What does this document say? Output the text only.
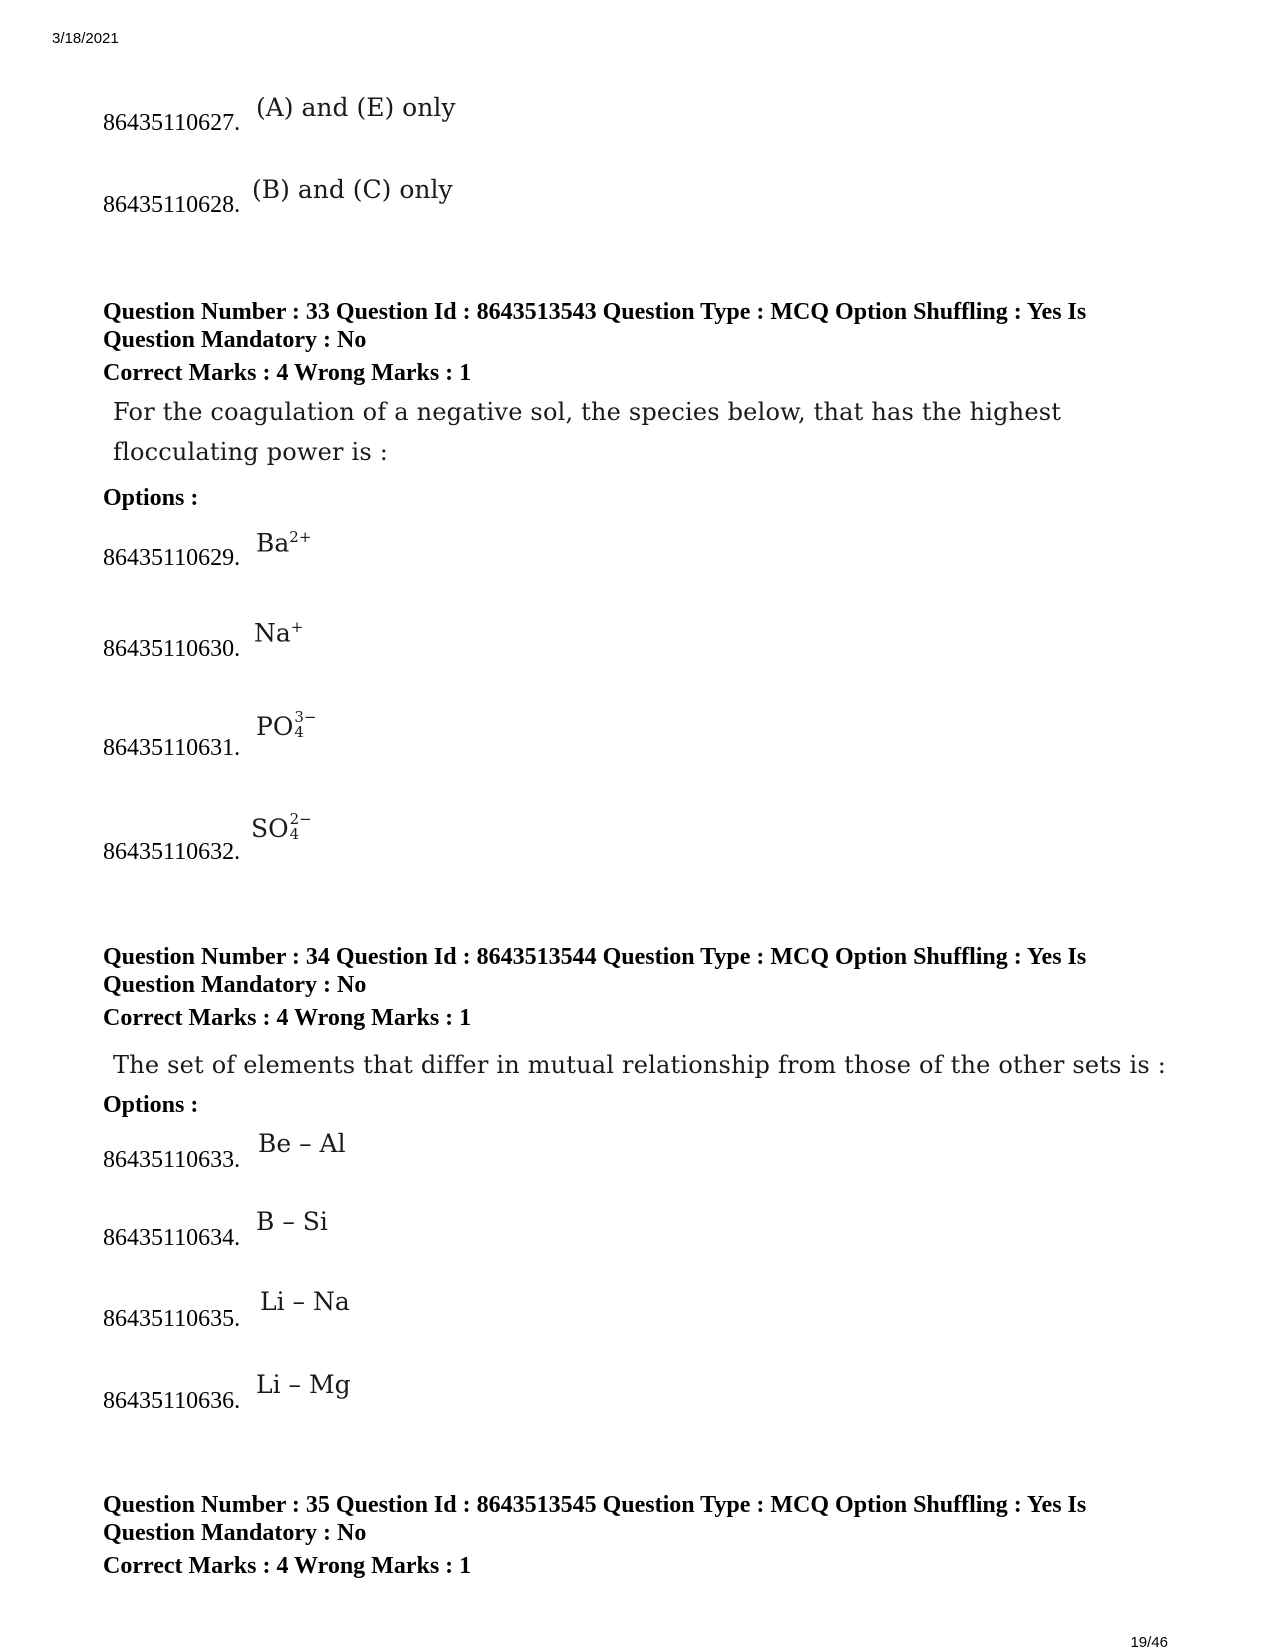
3/18/2021
86435110627.
(A) and (E) only
86435110628.
(B) and (C) only
Question Number : 33 Question Id : 8643513543 Question Type : MCQ Option Shuffling : Yes Is Question Mandatory : No
Correct Marks : 4 Wrong Marks : 1
For the coagulation of a negative sol, the species below, that has the highest flocculating power is :
Options :
86435110629.
$Ba^{2+}$
86435110630.
Na+
86435110631.
PO 3−
4
86435110632.
SO 2−
4
Question Number : 34 Question Id : 8643513544 Question Type : MCQ Option Shuffling : Yes Is Question Mandatory : No
Correct Marks : 4 Wrong Marks : 1
The set of elements that differ in mutual relationship from those of the other sets is :
Options :
86435110633.
Be – Al
86435110634.
B – Si
86435110635.
Li – Na
86435110636.
Li – Mg
Question Number : 35 Question Id : 8643513545 Question Type : MCQ Option Shuffling : Yes Is Question Mandatory : No
Correct Marks : 4 Wrong Marks : 1
19/46
